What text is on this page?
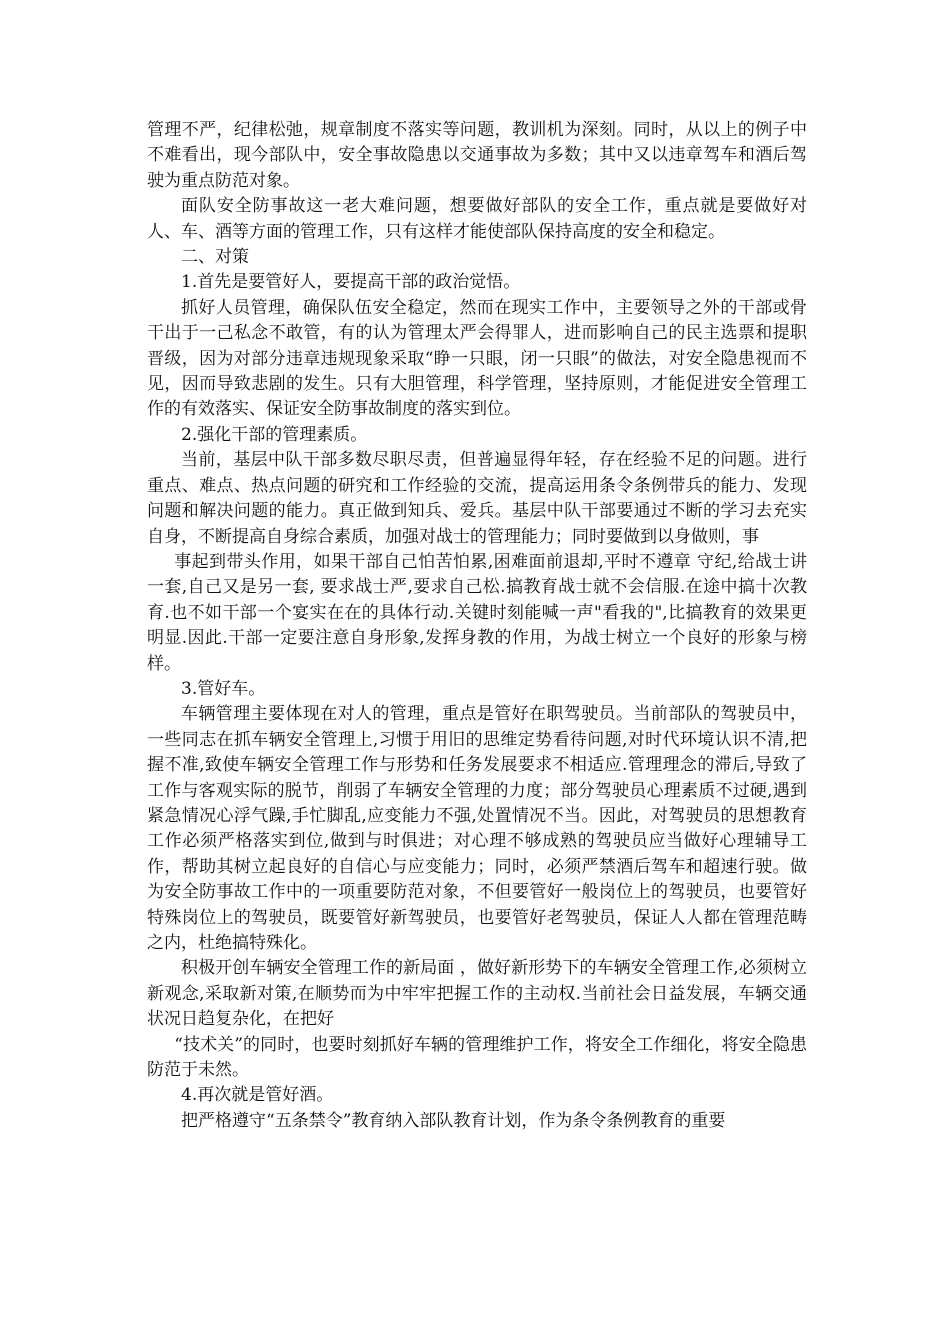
管理不严，纪律松弛，规章制度不落实等问题，教训机为深刻。同时，从以上的例子中不难看出，现今部队中，安全事故隐患以交通事故为多数；其中又以违章驾车和酒后驾驶为重点防范对象。

面队安全防事故这一老大难问题，想要做好部队的安全工作，重点就是要做好对人、车、酒等方面的管理工作，只有这样才能使部队保持高度的安全和稳定。

二、对策

1.首先是要管好人，要提高干部的政治觉悟。

抓好人员管理，确保队伍安全稳定，然而在现实工作中，主要领导之外的干部或骨干出于一己私念不敢管，有的认为管理太严会得罪人，进而影响自己的民主选票和提职晋级，因为对部分违章违规现象采取“睁一只眼，闭一只眼”的做法，对安全隐患视而不见，因而导致悲剧的发生。只有大胆管理，科学管理，坚持原则，才能促进安全管理工作的有效落实、保证安全防事故制度的落实到位。

2.强化干部的管理素质。

当前，基层中队干部多数尽职尽责，但普遍显得年轻，存在经验不足的问题。进行重点、难点、热点问题的研究和工作经验的交流，提高运用条令条例带兵的能力、发现问题和解决问题的能力。真正做到知兵、爱兵。基层中队干部要通过不断的学习去充实自身，不断提高自身综合素质，加强对战士的管理能力；同时要做到以身做则，事

事起到带头作用，如果干部自己怕苦怕累,困难面前退却,平时不遵章 守纪,给战士讲一套,自己又是另一套, 要求战士严,要求自己松.搞教育战士就不会信服.在途中搞十次教育.也不如干部一个宴实在在的具体行动.关键时刻能喊一声"看我的",比搞教育的效果更明显.因此.干部一定要注意自身形象,发挥身教的作用，为战士树立一个良好的形象与榜样。

3.管好车。

车辆管理主要体现在对人的管理，重点是管好在职驾驶员。当前部队的驾驶员中，一些同志在抓车辆安全管理上,习惯于用旧的思维定势看待问题,对时代环境认识不清,把握不准,致使车辆安全管理工作与形势和任务发展要求不相适应.管理理念的滞后,导致了工作与客观实际的脱节，削弱了车辆安全管理的力度；部分驾驶员心理素质不过硬,遇到紧急情况心浮气躁,手忙脚乱,应变能力不强,处置情况不当。因此，对驾驶员的思想教育工作必须严格落实到位,做到与时俱进；对心理不够成熟的驾驶员应当做好心理辅导工作，帮助其树立起良好的自信心与应变能力；同时，必须严禁酒后驾车和超速行驶。做为安全防事故工作中的一项重要防范对象，不但要管好一般岗位上的驾驶员，也要管好特殊岗位上的驾驶员，既要管好新驾驶员，也要管好老驾驶员，保证人人都在管理范畴之内，杜绝搞特殊化。

积极开创车辆安全管理工作的新局面 ，做好新形势下的车辆安全管理工作,必须树立新观念,采取新对策,在顺势而为中牢牢把握工作的主动权.当前社会日益发展，车辆交通状况日趋复杂化，在把好

“技术关”的同时，也要时刻抓好车辆的管理维护工作，将安全工作细化，将安全隐患防范于未然。

4.再次就是管好酒。

把严格遵守“五条禁令”教育纳入部队教育计划，作为条令条例教育的重要
